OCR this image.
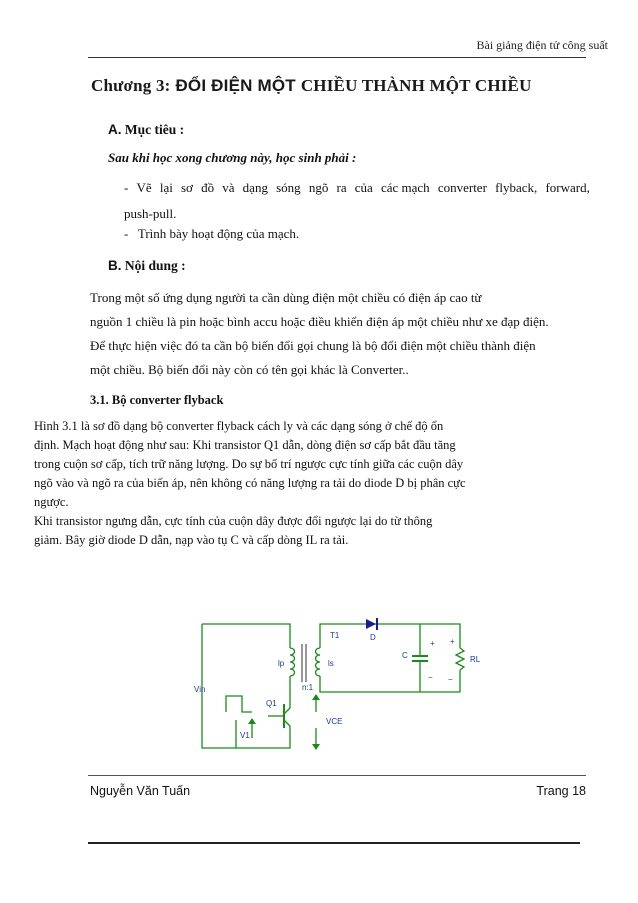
Bài giảng điện tử công suất
Chương 3: ĐỔI ĐIỆN MỘT CHIỀU THÀNH MỘT CHIỀU
A. Mục tiêu :
Sau khi học xong chương này, học sinh phải :
- Vẽ lại sơ đồ và dạng sóng ngõ ra của các mạch converter flyback, forward,
push-pull.
- Trình bày hoạt động của mạch.
B. Nội dung :
Trong một số ứng dụng người ta cần dùng điện một chiều có điện áp cao từ
nguồn 1 chiều là pin hoặc bình accu hoặc điều khiển điện áp một chiều như xe đạp điện.
Để thực hiện việc đó ta cần bộ biến đổi gọi chung là bộ đổi điện một chiều thành điện
một chiều. Bộ biến đổi này còn có tên gọi khác là Converter..
3.1. Bộ converter flyback
Hình 3.1 là sơ đồ dạng bộ converter flyback cách ly và các dạng sóng ở chế độ ổn
định. Mạch hoạt động như sau: Khi transistor Q1 dẫn, dòng điện sơ cấp bắt đầu tăng
trong cuộn sơ cấp, tích trữ năng lượng. Do sự bố trí ngược cực tính giữa các cuộn dây
ngõ vào và ngõ ra của biến áp, nên không có năng lượng ra tải do diode D bị phân cực
ngược.
Khi transistor ngưng dẫn, cực tính của cuộn dây được đổi ngược lại do từ thông
giảm. Bây giờ diode D dẫn, nạp vào tụ C và cấp dòng IL ra tải.
T1	D
C	RL
lp	ls
n:1
Vin
Q1
V1
VCE
+ +
− −
Nguyễn Văn Tuấn	Trang 18
